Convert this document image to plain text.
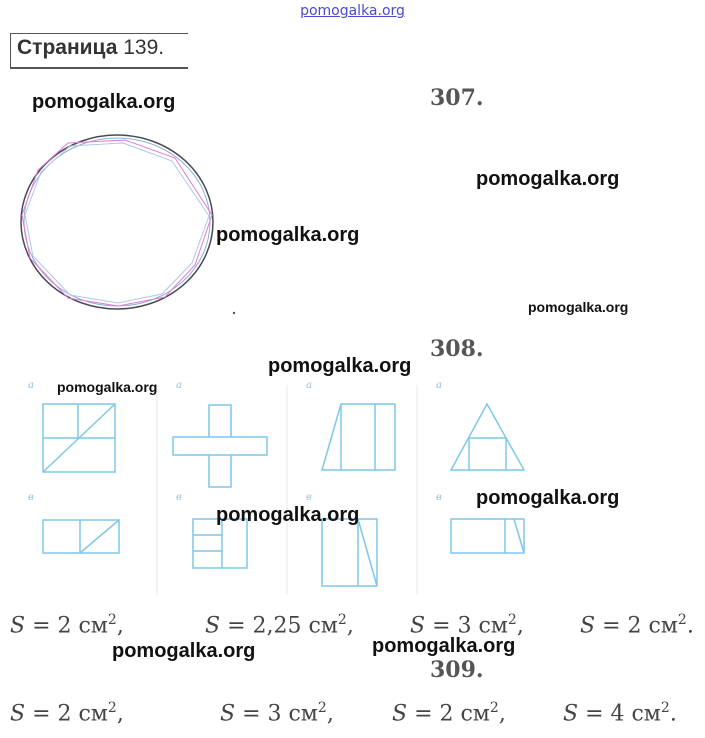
pomogalka.org
Страница 139.
307.
308.
309.
а	а	а	а
в	в	в	в
S = 2 $см^2$,	S = 2,25 $см^2$,	S = 3 $см^2$,	S = 2 $см^2$.
S = 2 $см^2$,	S = 3 $см^2$,	S = 2 $см^2$,	S = 4 $см^2$.
pomogalka.org
pomogalka.org
pomogalka.org
pomogalka.org
pomogalka.org
pomogalka.org
pomogalka.org
pomogalka.org
pomogalka.org	pomogalka.org
